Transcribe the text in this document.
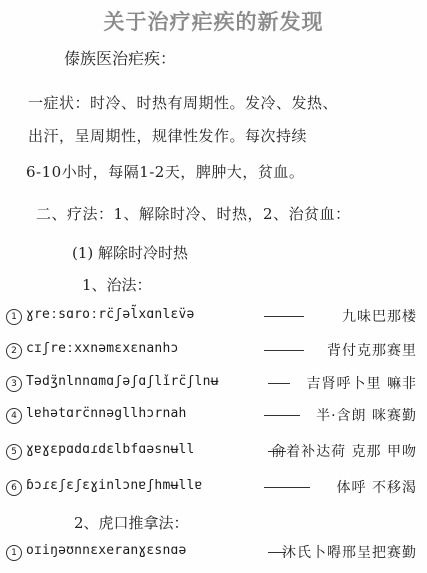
关于治疗疟疾的新发现
傣族医治疟疾：
一症状：时冷、时热有周期性。发冷、发热、
出汗，呈周期性，规律性发作。每次持续
6-10小时，每隔1-2天，脾肿大，贫血。
二、疗法：1、解除时冷、时热，2、治贫血：
(1) 解除时冷时热
1、治法：
1 ɣreːsɑroːrc̈ʃəl̃xɑnlɛv̈ə	九味巴那楼
2 cɪʃreːxxnəmɛxɛnanhɔ	背付克那赛里
3 Tədʒ̈nlnnɑmɑʃəʃɑʃlǐrc̈ʃlnʉ	吉肾呼卜里 嘛非
4 lɐhətɑrc̈nnəgllhɔrnah	半·含朗 咪赛勤
5 ɣɐɣɛpɑdɑɾdɛlbfɑəsnʉll	俞着补达荷 克那 甲吻
6 ɓɔɾɛʃɛʃɛɣinlɔnɐʃhmʉllɐ	体呼 不移渴
2、虎口推拿法：
1 oɪiŋəʊnnɛxeranɣɛsnɑə	沐氏卜嘚邢呈把赛勤
